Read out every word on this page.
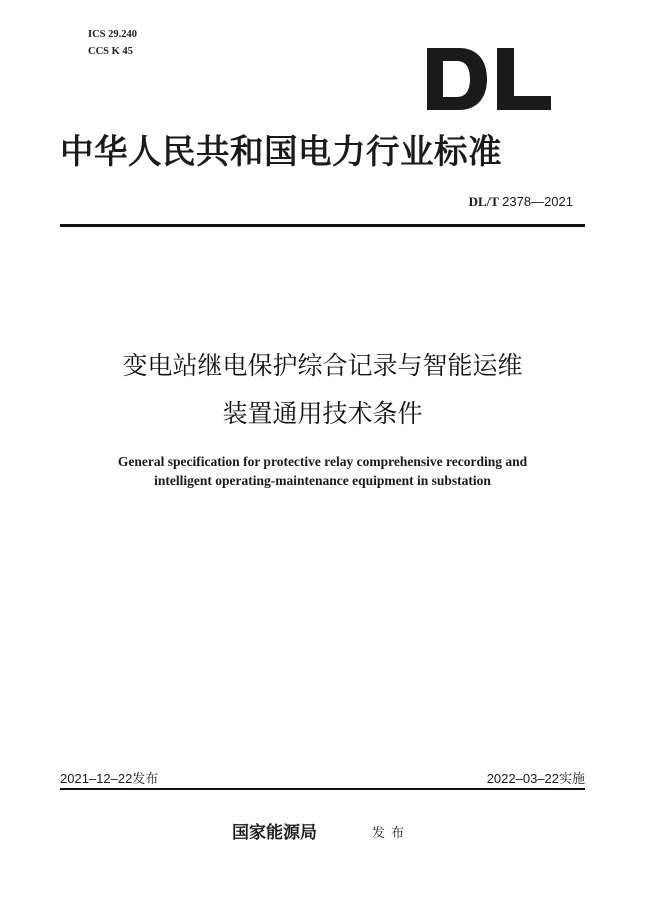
ICS 29.240
CCS K 45
中华人民共和国电力行业标准
DL/T 2378—2021
变电站继电保护综合记录与智能运维
装置通用技术条件
General specification for protective relay comprehensive recording and
intelligent operating-maintenance equipment in substation
2021–12–22发布	2022–03–22实施
国家能源局	发布
